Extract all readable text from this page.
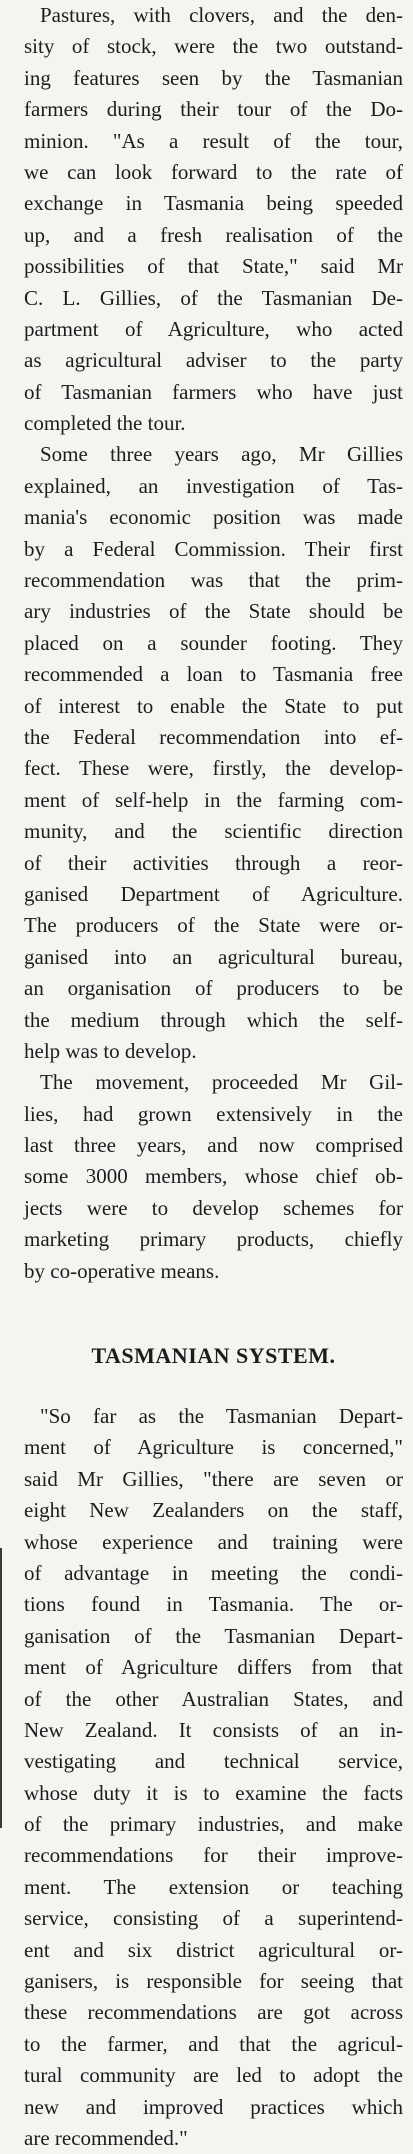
Pastures, with clovers, and the den-
sity of stock, were the two outstand-
ing features seen by the Tasmanian
farmers during their tour of the Do-
minion. "As a result of the tour,
we can look forward to the rate of
exchange in Tasmania being speeded
up, and a fresh realisation of the
possibilities of that State," said Mr
C. L. Gillies, of the Tasmanian De-
partment of Agriculture, who acted
as agricultural adviser to the party
of Tasmanian farmers who have just
completed the tour.

Some three years ago, Mr Gillies
explained, an investigation of Tas-
mania's economic position was made
by a Federal Commission. Their first
recommendation was that the prim-
ary industries of the State should be
placed on a sounder footing. They
recommended a loan to Tasmania free
of interest to enable the State to put
the Federal recommendation into ef-
fect. These were, firstly, the develop-
ment of self-help in the farming com-
munity, and the scientific direction
of their activities through a reor-
ganised Department of Agriculture.
The producers of the State were or-
ganised into an agricultural bureau,
an organisation of producers to be
the medium through which the self-
help was to develop.

The movement, proceeded Mr Gil-
lies, had grown extensively in the
last three years, and now comprised
some 3000 members, whose chief ob-
jects were to develop schemes for
marketing primary products, chiefly
by co-operative means.

TASMANIAN SYSTEM.

"So far as the Tasmanian Depart-
ment of Agriculture is concerned,"
said Mr Gillies, "there are seven or
eight New Zealanders on the staff,
whose experience and training were
of advantage in meeting the condi-
tions found in Tasmania. The or-
ganisation of the Tasmanian Depart-
ment of Agriculture differs from that
of the other Australian States, and
New Zealand. It consists of an in-
vestigating and technical service,
whose duty it is to examine the facts
of the primary industries, and make
recommendations for their improve-
ment. The extension or teaching
service, consisting of a superintend-
ent and six district agricultural or-
ganisers, is responsible for seeing that
these recommendations are got across
to the farmer, and that the agricul-
tural community are led to adopt the
new and improved practices which
are recommended."
